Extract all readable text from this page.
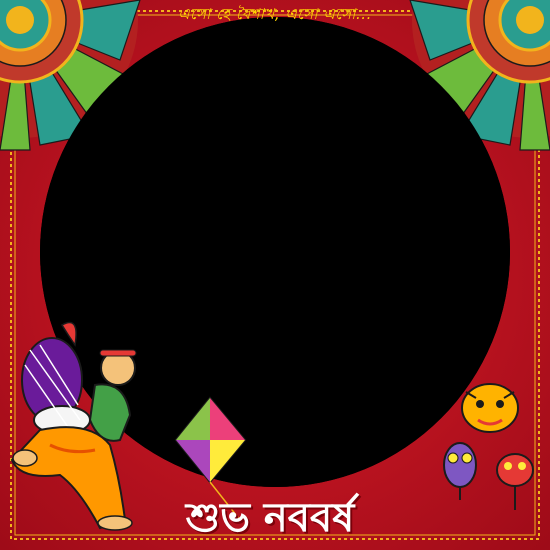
এসো হে বৈশাখ, এসো এসো...
শুভ নববর্ষ
